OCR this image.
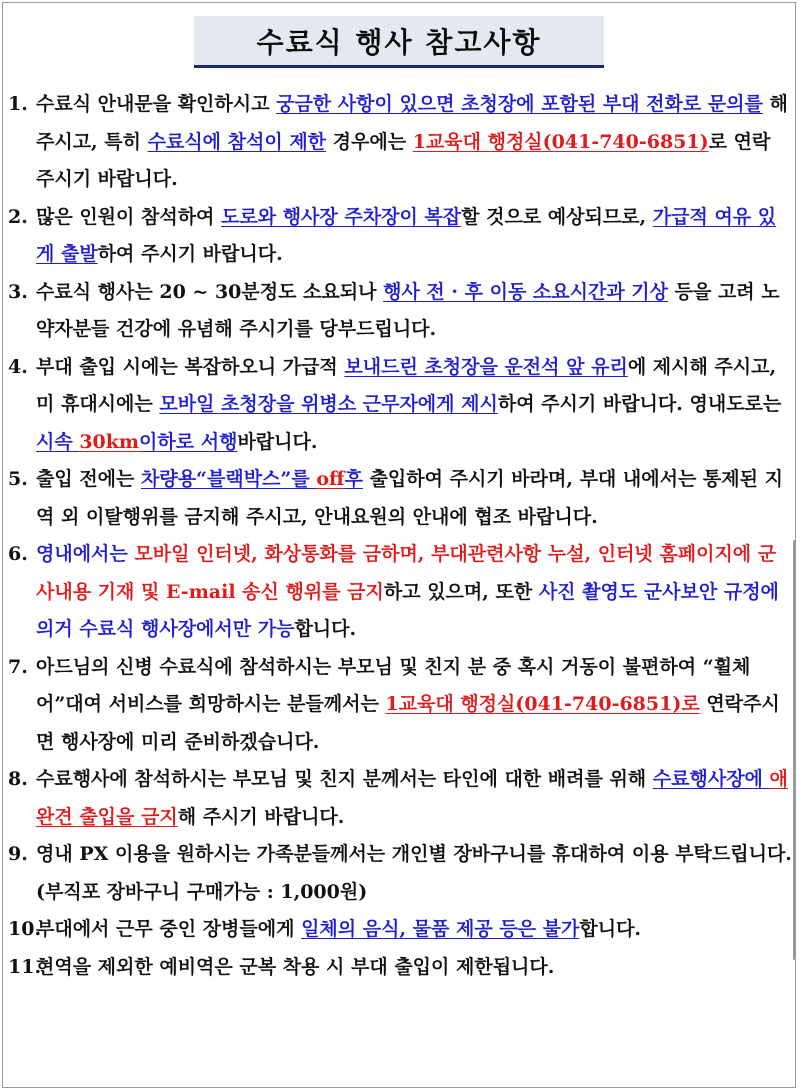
수료식 행사 참고사항
1. 수료식 안내문을 확인하시고 궁금한 사항이 있으면 초청장에 포함된 부대 전화로 문의를 해주시고, 특히 수료식에 참석이 제한 경우에는 1교육대 행정실(041-740-6851)로 연락 주시기 바랍니다.
2. 많은 인원이 참석하여 도로와 행사장 주차장이 복잡할 것으로 예상되므로, 가급적 여유 있게 출발하여 주시기 바랍니다.
3. 수료식 행사는 20 ~ 30분정도 소요되나 행사 전 · 후 이동 소요시간과 기상 등을 고려 노약자분들 건강에 유념해 주시기를 당부드립니다.
4. 부대 출입 시에는 복잡하오니 가급적 보내드린 초청장을 운전석 앞 유리에 제시해 주시고, 미 휴대시에는 모바일 초청장을 위병소 근무자에게 제시하여 주시기 바랍니다. 영내도로는 시속 30km이하로 서행바랍니다.
5. 출입 전에는 차량용“블랙박스”를 off후 출입하여 주시기 바라며, 부대 내에서는 통제된 지역 외 이탈행위를 금지해 주시고, 안내요원의 안내에 협조 바랍니다.
6. 영내에서는 모바일 인터넷, 화상통화를 금하며, 부대관련사항 누설, 인터넷 홈페이지에 군사내용 기재 및 E-mail 송신 행위를 금지하고 있으며, 또한 사진 촬영도 군사보안 규정에 의거 수료식 행사장에서만 가능합니다.
7. 아드님의 신병 수료식에 참석하시는 부모님 및 친지 분 중 혹시 거동이 불편하여 “휠체어”대여 서비스를 희망하시는 분들께서는 1교육대 행정실(041-740-6851)로 연락주시면 행사장에 미리 준비하겠습니다.
8. 수료행사에 참석하시는 부모님 및 친지 분께서는 타인에 대한 배려를 위해 수료행사장에 애완견 출입을 금지해 주시기 바랍니다.
9. 영내 PX 이용을 원하시는 가족분들께서는 개인별 장바구니를 휴대하여 이용 부탁드립니다.(부직포 장바구니 구매가능 : 1,000원)
10.
부대에서 근무 중인 장병들에게 일체의 음식, 물품 제공 등은 불가합니다.
11.
현역을 제외한 예비역은 군복 착용 시 부대 출입이 제한됩니다.
